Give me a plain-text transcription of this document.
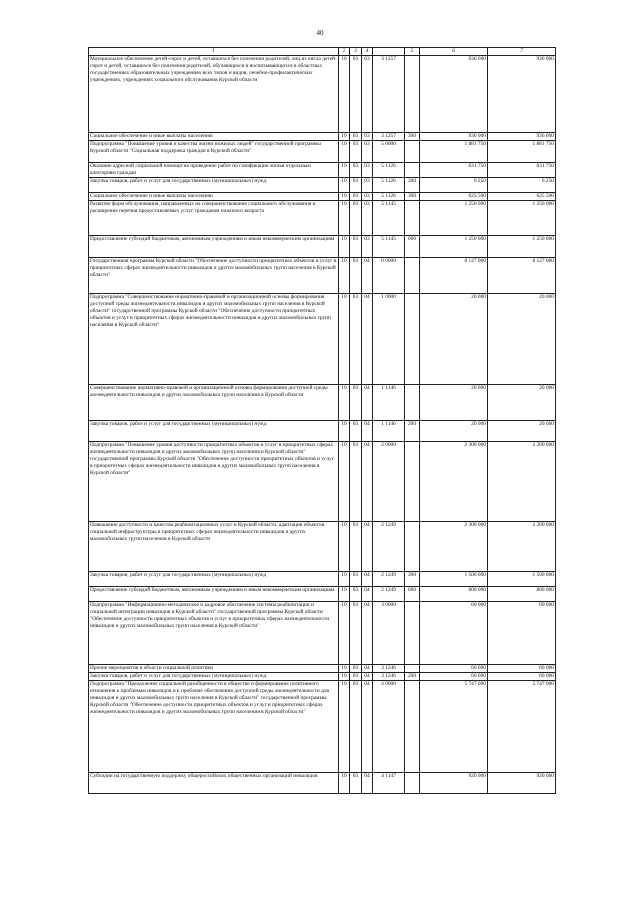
40
1	2	3	4		5	6	7
Материальное обеспечение детей-сирот и детей, оставшихся без попечения родителей, лиц из числа детей-сирот и детей, оставшихся без попечения родителей, обучающихся и воспитывающихся в областных государственных образовательных учреждениях всех типов и видов, лечебно-профилактических учреждениях, учреждениях социального обслуживания Курской области	10	03	03	3 1257		936 000	936 000
Социальное обеспечение и иные выплаты населению	10	03	03	3 1257	300	936 000	936 000
Подпрограмма "Повышение уровня и качества жизни пожилых людей" государственной программы Курской области "Социальная поддержка граждан в Курской области"	10	03	03	5 0000		1 881 750	1 881 750
Оказание адресной социальной помощи на проведение работ по газификации жилья отдельным категориям граждан	10	03	03	5 1126		631 750	631 750
Закупка товаров, работ и услуг для государственных (муниципальных) нужд	10	03	03	5 1126	200	6 250	6 250
Социальное обеспечение и иные выплаты населению	10	03	03	5 1126	300	625 500	625 500
Развитие форм обслуживания, направленных на совершенствование социального обслуживания и расширение перечня предоставляемых услуг гражданам пожилого возраста	10	03	03	5 1145		1 250 000	1 250 000
Предоставление субсидий бюджетным, автономным учреждениям и иным некоммерческим организациям	10	03	03	5 1145	600	1 250 000	1 250 000
Государственная программа Курской области "Обеспечение доступности приоритетных объектов и услуг в приоритетных сферах жизнедеятельности инвалидов и других маломобильных групп населения в Курской области"	10	03	04	0 0000		8 127 000	8 127 000
Подпрограмма "Совершенствование нормативно-правовой и организационной основы формирования доступной среды жизнедеятельности инвалидов и других маломобильных групп населения в Курской области" государственной программы Курской области "Обеспечение доступности приоритетных объектов и услуг в приоритетных сферах жизнедеятельности инвалидов и других маломобильных групп населения в Курской области"	10	03	04	1 0000		20 000	20 000
Совершенствование нормативно-правовой и организационной основы формирования доступной среды жизнедеятельности инвалидов и других маломобильных групп населения в Курской области	10	03	04	1 1146		20 000	20 000
Закупка товаров, работ и услуг для государственных (муниципальных) нужд	10	03	04	1 1146	200	20 000	20 000
Подпрограмма "Повышение уровня доступности приоритетных объектов и услуг в приоритетных сферах жизнедеятельности инвалидов и других маломобильных групп населения в Курской области" государственной программы Курской области "Обеспечение доступности приоритетных объектов и услуг в приоритетных сферах жизнедеятельности инвалидов и других маломобильных групп населения в Курской области"	10	03	04	2 0000		2 300 000	2 300 000
Повышение доступности и качества реабилитационных услуг в Курской области, адаптация объектов социальной инфраструктуры в приоритетных сферах жизнедеятельности инвалидов и других маломобильных групп населения в Курской области	10	03	04	2 1249		2 300 000	2 300 000
Закупка товаров, работ и услуг для государственных (муниципальных) нужд	10	03	04	2 1249	200	1 500 000	1 500 000
Предоставление субсидий бюджетным, автономным учреждениям и иным некоммерческим организациям	10	03	04	2 1249	600	800 000	800 000
Подпрограмма "Информационно-методическое и кадровое обеспечение системы реабилитации и социальной интеграции инвалидов в Курской области" государственной программы Курской области "Обеспечение доступности приоритетных объектов и услуг в приоритетных сферах жизнедеятельности инвалидов и других маломобильных групп населения в Курской области"	10	03	04	3 0000		60 000	60 000
Прочие мероприятия в области социальной политики	10	03	04	3 1246		60 000	60 000
Закупка товаров, работ и услуг для государственных (муниципальных) нужд	10	03	04	3 1246	200	60 000	60 000
Подпрограмма "Преодоление социальной разобщенности в обществе и формирование позитивного отношения к проблемам инвалидов и к проблеме обеспечения доступной среды жизнедеятельности для инвалидов и других маломобильных групп населения в Курской области" государственной программы Курской области "Обеспечение доступности приоритетных объектов и услуг в приоритетных сферах жизнедеятельности инвалидов и других маломобильных групп населения в Курской области"	10	03	04	4 0000		5 747 000	5 747 000
Субсидии на государственную поддержку общероссийских общественных организаций инвалидов	10	03	04	4 1147		920 000	920 000
